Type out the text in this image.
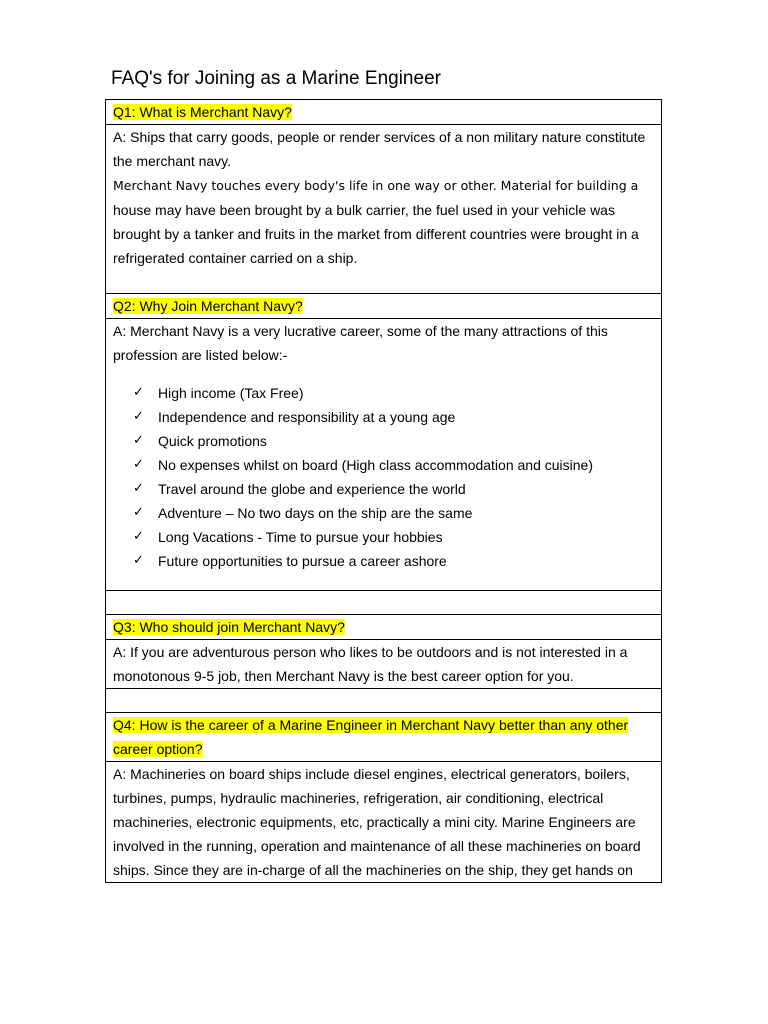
FAQ's for Joining as a Marine Engineer
Q1: What is Merchant Navy?

A: Ships that carry goods, people or render services of a non military nature constitute
the merchant navy.
Merchant Navy touches every body's life in one way or other. Material for building a
house may have been brought by a bulk carrier, the fuel used in your vehicle was
brought by a tanker and fruits in the market from different countries were brought in a
refrigerated container carried on a ship.

Q2: Why Join Merchant Navy?

A: Merchant Navy is a very lucrative career, some of the many attractions of this
profession are listed below:-
✓ High income (Tax Free)
✓ Independence and responsibility at a young age
✓ Quick promotions
✓ No expenses whilst on board (High class accommodation and cuisine)
✓ Travel around the globe and experience the world
✓ Adventure – No two days on the ship are the same
✓ Long Vacations - Time to pursue your hobbies
✓ Future opportunities to pursue a career ashore

Q3: Who should join Merchant Navy?

A: If you are adventurous person who likes to be outdoors and is not interested in a
monotonous 9-5 job, then Merchant Navy is the best career option for you.

Q4: How is the career of a Marine Engineer in Merchant Navy better than any other
career option?

A: Machineries on board ships include diesel engines, electrical generators, boilers,
turbines, pumps, hydraulic machineries, refrigeration, air conditioning, electrical
machineries, electronic equipments, etc, practically a mini city. Marine Engineers are
involved in the running, operation and maintenance of all these machineries on board
ships. Since they are in-charge of all the machineries on the ship, they get hands on
